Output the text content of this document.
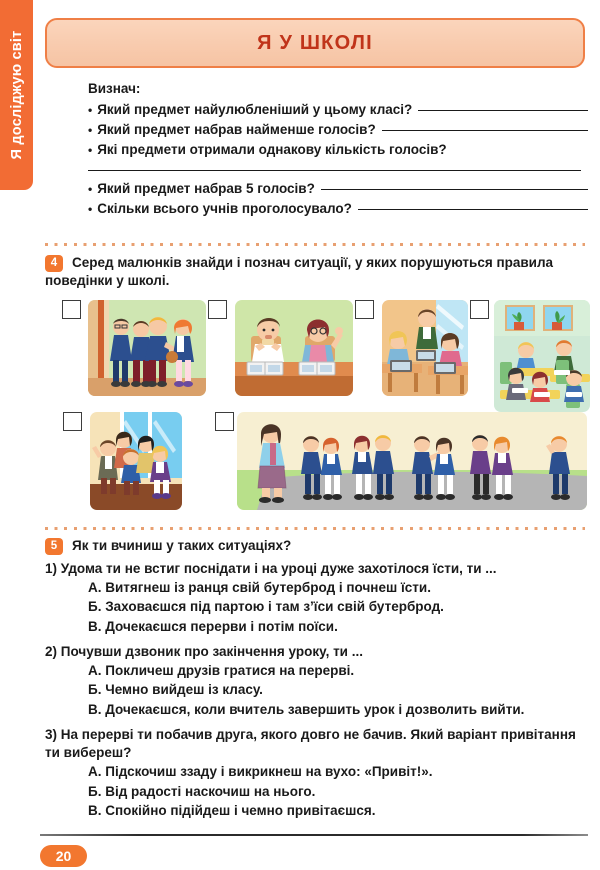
Я досліджую світ	Я У ШКОЛІ

Визнач:

• Який предмет найулюбленіший у цьому класі?
• Який предмет набрав найменше голосів?
• Які предмети отримали однакову кількість голосів?
• Який предмет набрав 5 голосів?
• Скільки всього учнів проголосувало?
4 Серед малюнків знайди і познач ситуації, у яких порушуються правила поведінки у школі.
5 Як ти вчиниш у таких ситуаціях?

1) Удома ти не встиг поснідати і на уроці дуже захотілося їсти, ти ...

А. Витягнеш із ранця свій бутерброд і почнеш їсти.

Б. Заховаєшся під партою і там з’їси свій бутерброд.

В. Дочекаєшся перерви і потім поїси.

2) Почувши дзвоник про закінчення уроку, ти ...

А. Покличеш друзів гратися на перерві.

Б. Чемно вийдеш із класу.

В. Дочекаєшся, коли вчитель завершить урок і дозволить вийти.

3) На перерві ти побачив друга, якого довго не бачив. Який варіант привітання ти вибереш?

А. Підскочиш ззаду і викрикнеш на вухо: «Привіт!».

Б. Від радості наскочиш на нього.

В. Спокійно підійдеш і чемно привітаєшся.

20
